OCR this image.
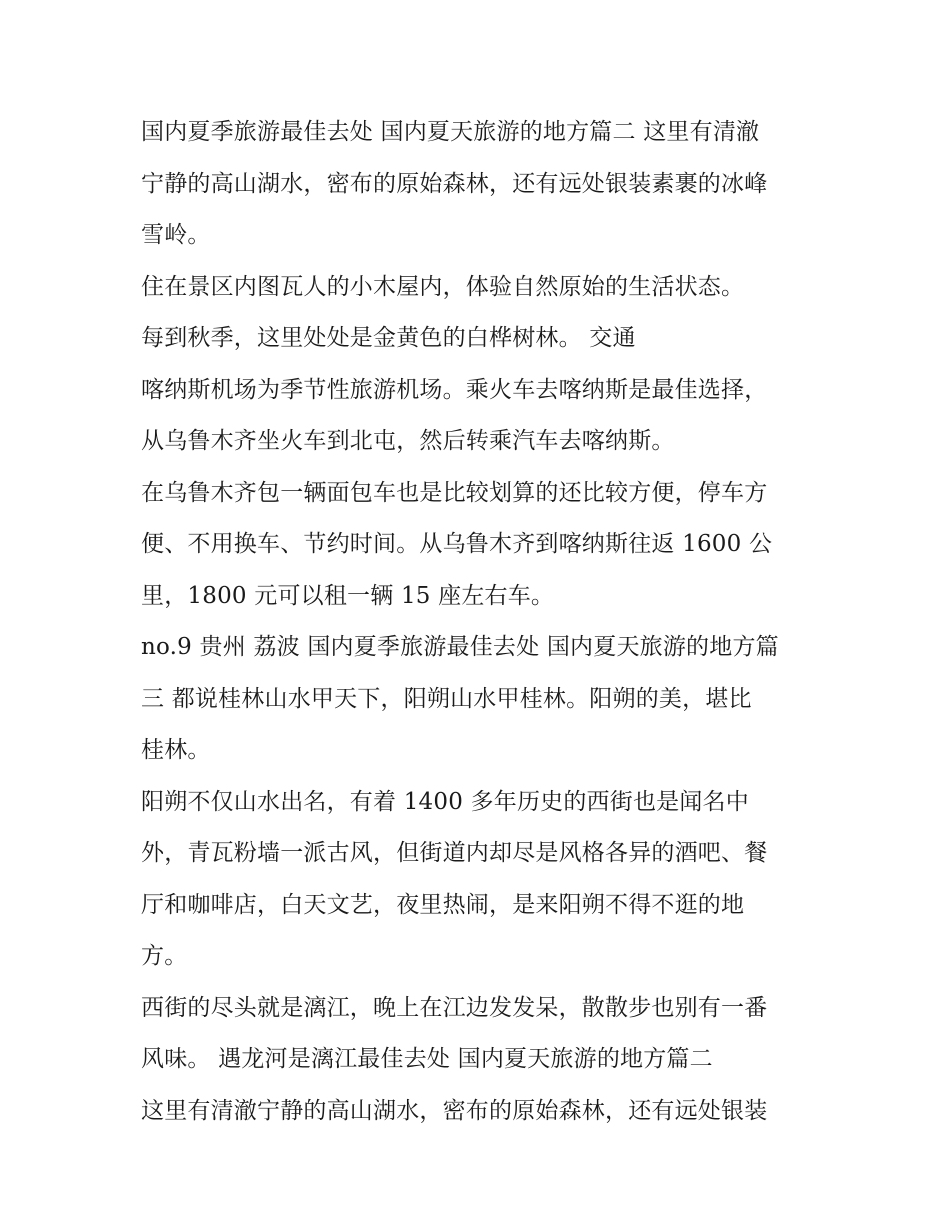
国内夏季旅游最佳去处 国内夏天旅游的地方篇二 这里有清澈
宁静的高山湖水，密布的原始森林，还有远处银装素裹的冰峰
雪岭。
住在景区内图瓦人的小木屋内，体验自然原始的生活状态。
每到秋季，这里处处是金黄色的白桦树林。 交通
喀纳斯机场为季节性旅游机场。乘火车去喀纳斯是最佳选择，
从乌鲁木齐坐火车到北屯，然后转乘汽车去喀纳斯。
在乌鲁木齐包一辆面包车也是比较划算的还比较方便，停车方
便、不用换车、节约时间。从乌鲁木齐到喀纳斯往返 1600 公
里，1800 元可以租一辆 15 座左右车。
no.9 贵州 荔波 国内夏季旅游最佳去处 国内夏天旅游的地方篇
三 都说桂林山水甲天下，阳朔山水甲桂林。阳朔的美，堪比
桂林。
阳朔不仅山水出名，有着 1400 多年历史的西街也是闻名中
外，青瓦粉墙一派古风，但街道内却尽是风格各异的酒吧、餐
厅和咖啡店，白天文艺，夜里热闹，是来阳朔不得不逛的地
方。
西街的尽头就是漓江，晚上在江边发发呆，散散步也别有一番
风味。 遇龙河是漓江最佳去处 国内夏天旅游的地方篇二
这里有清澈宁静的高山湖水，密布的原始森林，还有远处银装
